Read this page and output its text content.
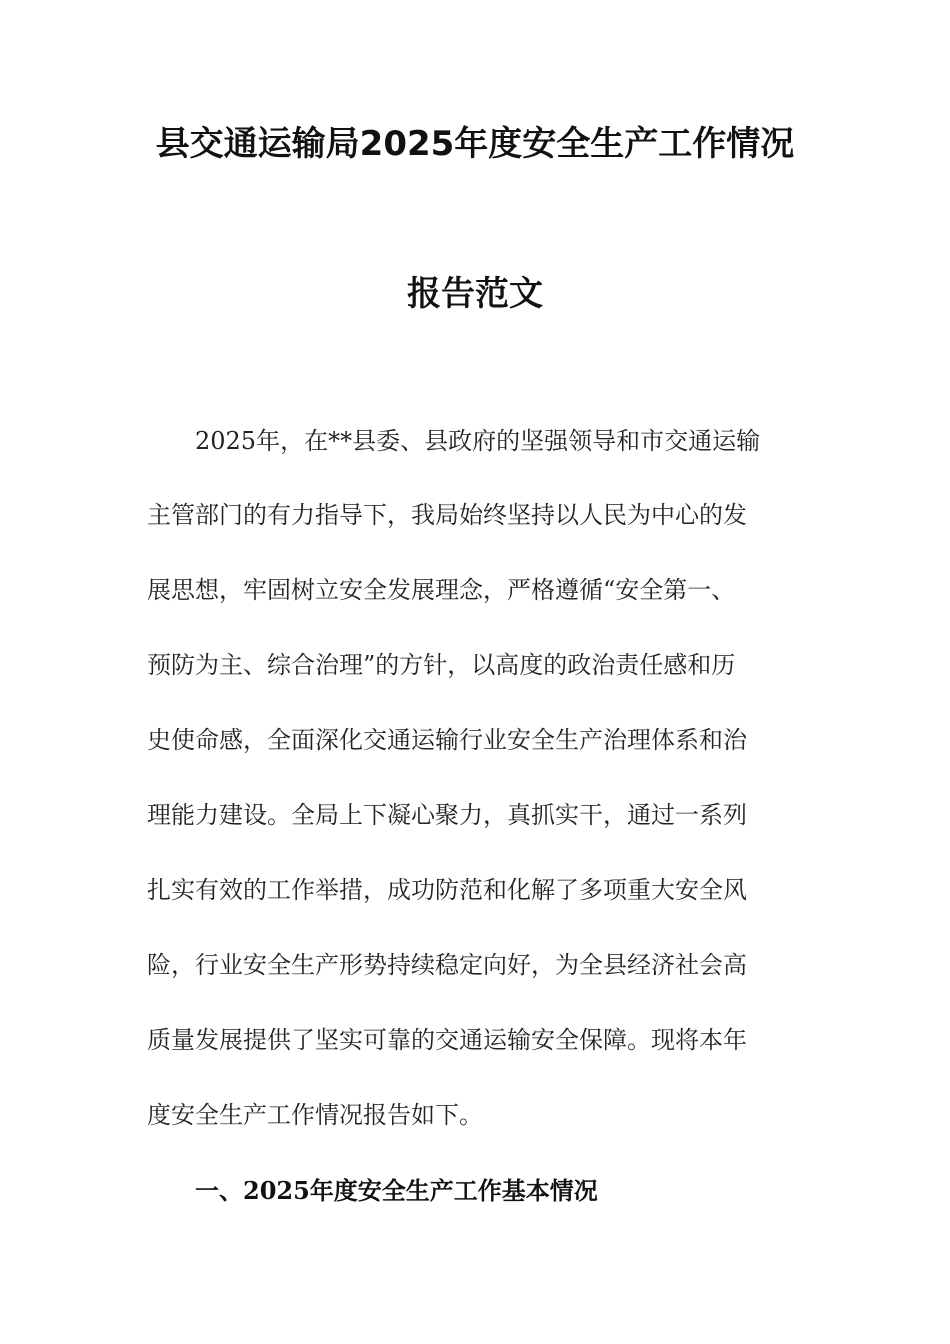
县交通运输局2025年度安全生产工作情况
报告范文
2025年，在**县委、县政府的坚强领导和市交通运输
主管部门的有力指导下，我局始终坚持以人民为中心的发
展思想，牢固树立安全发展理念，严格遵循“安全第一、
预防为主、综合治理”的方针，以高度的政治责任感和历
史使命感，全面深化交通运输行业安全生产治理体系和治
理能力建设。全局上下凝心聚力，真抓实干，通过一系列
扎实有效的工作举措，成功防范和化解了多项重大安全风
险，行业安全生产形势持续稳定向好，为全县经济社会高
质量发展提供了坚实可靠的交通运输安全保障。现将本年
度安全生产工作情况报告如下。
一、2025年度安全生产工作基本情况
